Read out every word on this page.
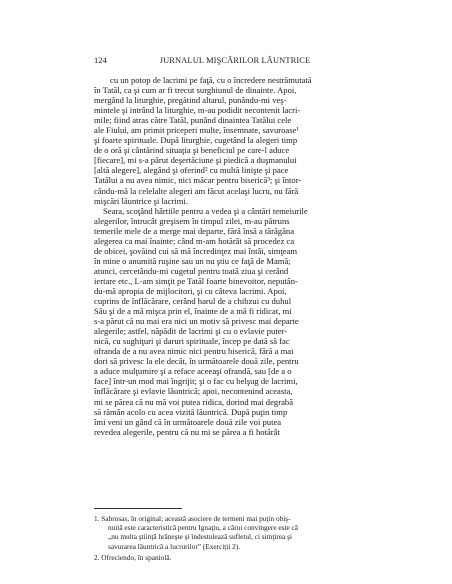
124	JURNALUL MIŞCĂRILOR LĂUNTRICE
cu un potop de lacrimi pe faţă, cu o încredere nestrămutată
în Tatăl, ca şi cum ar fi trecut surghiunul de dinainte. Apoi,
mergând la liturghie, pregătind altarul, punându-mi veş-
mintele şi intrând la liturghie, m-au podidit necontenit lacri-
mile; fiind atras către Tatăl, punând dinaintea Tatălui cele
ale Fiului, am primit priceperi multe, însemnate, savuroase¹
şi foarte spirituale. După liturghie, cugetând la alegeri timp
de o oră şi cântărind situaţia şi beneficiul pe care-l aduce
[fiecare], mi s-a părut deşertăciune şi piedică a duşmanului
[altă alegere], alegând şi oferind² cu multă linişte şi pace
Tatălui a nu avea nimic, nici măcar pentru biserică³; şi întor-
cându-mă la celelalte alegeri am făcut acelaşi lucru, nu fără
mişcări lăuntrice şi lacrimi.
Seara, scoţând hârtiile pentru a vedea şi a cântări temeiurile
alegerilor, întrucât greşisem în timpul zilei, m-au pătruns
temerile mele de a merge mai departe, fără însă a tărăgăna
alegerea ca mai înainte; când m-am hotărât să procedez ca
de obicei, şovăind cui să mă încredinţez mai întâi, simţeam
în mine o anumită ruşine sau un nu ştiu ce faţă de Mamă;
atunci, cercetându-mi cugetul pentru toată ziua şi cerând
iertare etc., L-am simţit pe Tatăl foarte binevoitor, neputân-
du-mă apropia de mijlocitori, şi cu câteva lacrimi. Apoi,
cuprins de înflăcărare, cerând harul de a chibzui cu duhul
Său şi de a mă mişca prin el, înainte de a mă fi ridicat, mi
s-a părut că nu mai era nici un motiv să privesc mai departe
alegerile; astfel, năpădit de lacrimi şi cu o evlavie puter-
nică, cu sughiţuri şi daruri spirituale, încep pe dată să fac
ofranda de a nu avea nimic nici pentru biserică, fără a mai
dori să privesc la ele decât, în următoarele două zile, pentru
a aduce mulţumire şi a reface aceeaşi ofrandă, sau [de a o
face] într-un mod mai îngrijit; şi o fac cu belşug de lacrimi,
înflăcărare şi evlavie lăuntrică; apoi, necontenind aceasta,
mi se părea că nu mă voi putea ridica, dorind mai degrabă
să rămân acolo cu acea vizită lăuntrică. După puţin timp
îmi veni un gând că în următoarele două zile voi putea
revedea alegerile, pentru că nu mi se părea a fi hotărât
1. Sabrosas, în original; această asociere de termeni mai puţin obiş-
nuită este caracteristică pentru Ignaţiu, a cărui convingere este că
„nu multa ştiinţă hrăneşte şi îndestulează sufletul, ci simţirea şi
savurarea lăuntrică a lucrurilor” (Exerciţii 2).
2. Ofreciendo, în spaniolă.
